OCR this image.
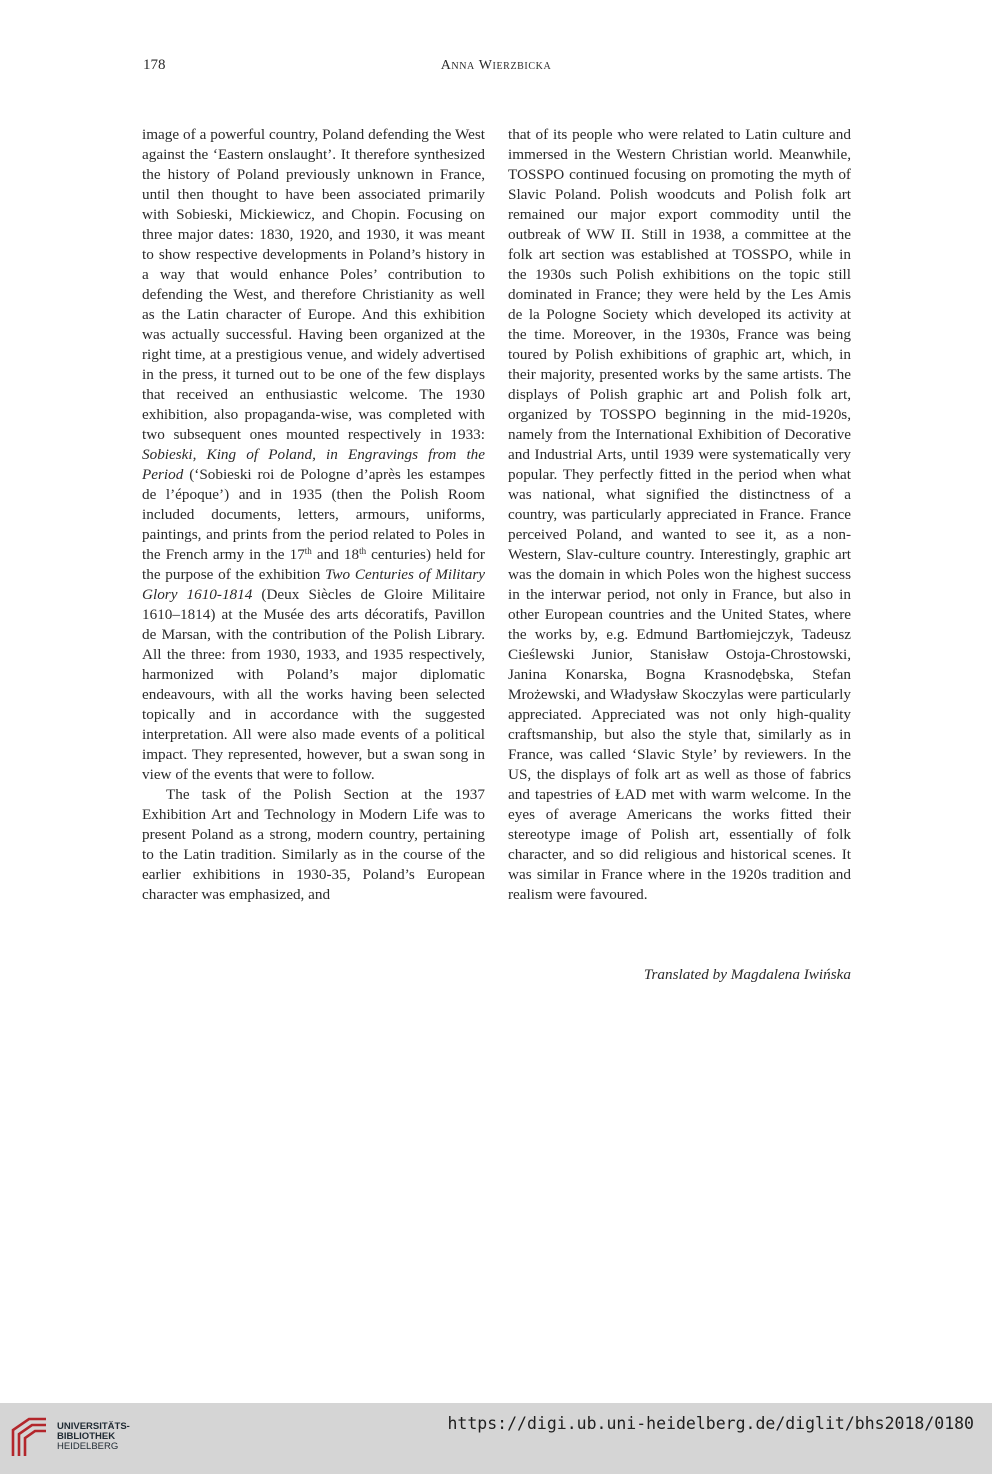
178	Anna Wierzbicka

image of a powerful country, Poland defending the West against the ‘Eastern onslaught’. It therefore synthesized the history of Poland previously unknown in France, until then thought to have been associated primarily with Sobieski, Mickiewicz, and Chopin. Focusing on three major dates: 1830, 1920, and 1930, it was meant to show respective developments in Poland’s history in a way that would enhance Poles’ contribution to defending the West, and therefore Christianity as well as the Latin character of Europe. And this exhibition was actually successful. Having been organized at the right time, at a prestigious venue, and widely advertised in the press, it turned out to be one of the few displays that received an enthusiastic welcome. The 1930 exhibition, also propaganda-wise, was completed with two subsequent ones mounted respectively in 1933: Sobieski, King of Poland, in Engravings from the Period (‘Sobieski roi de Pologne d’après les estampes de l’époque’) and in 1935 (then the Polish Room included documents, letters, armours, uniforms, paintings, and prints from the period related to Poles in the French army in the 17th and 18th centuries) held for the purpose of the exhibition Two Centuries of Military Glory 1610-1814 (Deux Siècles de Gloire Militaire 1610–1814) at the Musée des arts décoratifs, Pavillon de Marsan, with the contribution of the Polish Library. All the three: from 1930, 1933, and 1935 respectively, harmonized with Poland’s major diplomatic endeavours, with all the works having been selected topically and in accordance with the suggested interpretation. All were also made events of a political impact. They represented, however, but a swan song in view of the events that were to follow.

The task of the Polish Section at the 1937 Exhibition Art and Technology in Modern Life was to present Poland as a strong, modern country, pertaining to the Latin tradition. Similarly as in the course of the earlier exhibitions in 1930-35, Poland’s European character was emphasized, and

that of its people who were related to Latin culture and immersed in the Western Christian world. Meanwhile, TOSSPO continued focusing on promoting the myth of Slavic Poland. Polish woodcuts and Polish folk art remained our major export commodity until the outbreak of WW II. Still in 1938, a committee at the folk art section was established at TOSSPO, while in the 1930s such Polish exhibitions on the topic still dominated in France; they were held by the Les Amis de la Pologne Society which developed its activity at the time. Moreover, in the 1930s, France was being toured by Polish exhibitions of graphic art, which, in their majority, presented works by the same artists. The displays of Polish graphic art and Polish folk art, organized by TOSSPO beginning in the mid-1920s, namely from the International Exhibition of Decorative and Industrial Arts, until 1939 were systematically very popular. They perfectly fitted in the period when what was national, what signified the distinctness of a country, was particularly appreciated in France. France perceived Poland, and wanted to see it, as a non-Western, Slav-culture country. Interestingly, graphic art was the domain in which Poles won the highest success in the interwar period, not only in France, but also in other European countries and the United States, where the works by, e.g. Edmund Bartłomiejczyk, Tadeusz Cieślewski Junior, Stanisław Ostoja-Chrostowski, Janina Konarska, Bogna Krasnodębska, Stefan Mrożewski, and Władysław Skoczylas were particularly appreciated. Appreciated was not only high-quality craftsmanship, but also the style that, similarly as in France, was called ‘Slavic Style’ by reviewers. In the US, the displays of folk art as well as those of fabrics and tapestries of ŁAD met with warm welcome. In the eyes of average Americans the works fitted their stereotype image of Polish art, essentially of folk character, and so did religious and historical scenes. It was similar in France where in the 1920s tradition and realism were favoured.

Translated by Magdalena Iwińska
UNIVERSITÄTS-
BIBLIOTHEK
HEIDELBERG
https://digi.ub.uni-heidelberg.de/diglit/bhs2018/0180
